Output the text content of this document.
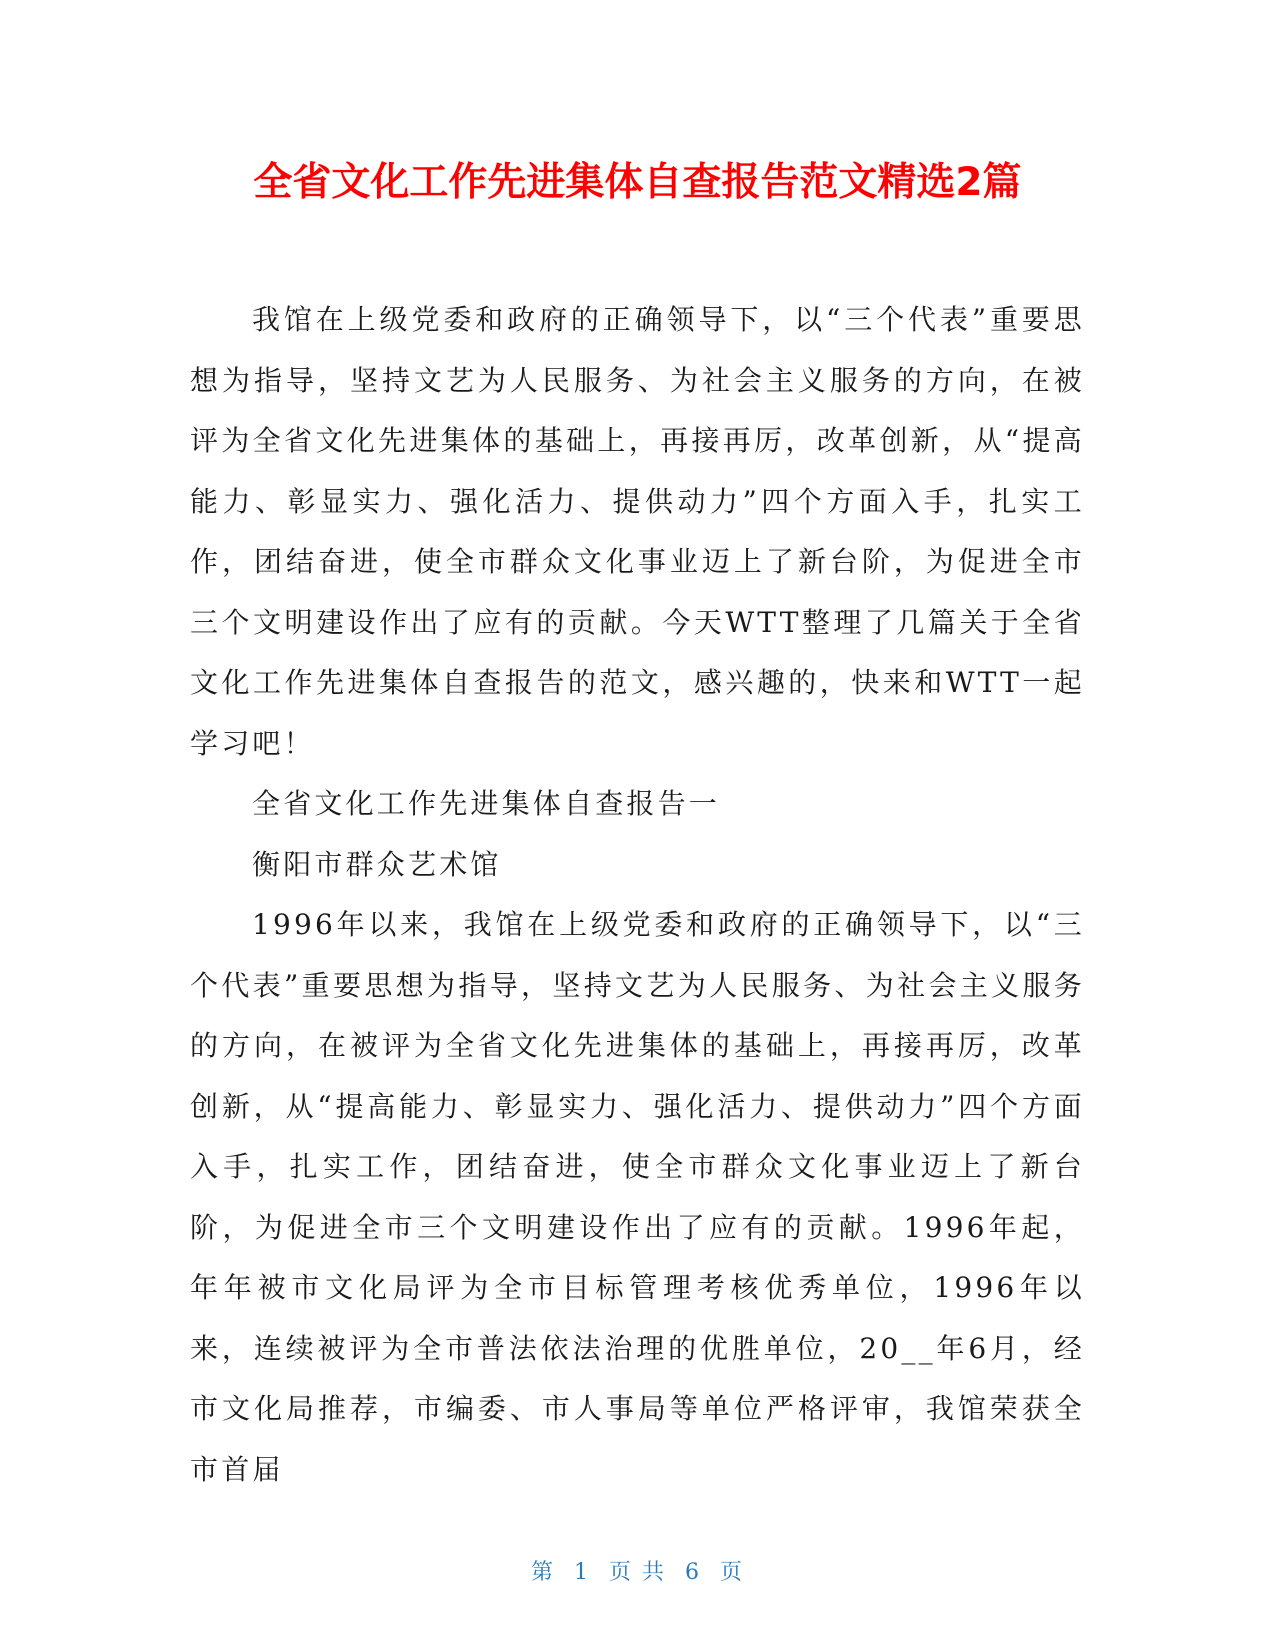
全省文化工作先进集体自查报告范文精选2篇

我馆在上级党委和政府的正确领导下，以“三个代表”重要思想为指导，坚持文艺为人民服务、为社会主义服务的方向，在被评为全省文化先进集体的基础上，再接再厉，改革创新，从“提高能力、彰显实力、强化活力、提供动力”四个方面入手，扎实工作，团结奋进，使全市群众文化事业迈上了新台阶，为促进全市三个文明建设作出了应有的贡献。今天WTT整理了几篇关于全省文化工作先进集体自查报告的范文，感兴趣的，快来和WTT一起学习吧！

全省文化工作先进集体自查报告一

衡阳市群众艺术馆

1996年以来，我馆在上级党委和政府的正确领导下，以“三个代表”重要思想为指导，坚持文艺为人民服务、为社会主义服务的方向，在被评为全省文化先进集体的基础上，再接再厉，改革创新，从“提高能力、彰显实力、强化活力、提供动力”四个方面入手，扎实工作，团结奋进，使全市群众文化事业迈上了新台阶，为促进全市三个文明建设作出了应有的贡献。1996年起，年年被市文化局评为全市目标管理考核优秀单位，1996年以来，连续被评为全市普法依法治理的优胜单位，20__年6月，经市文化局推荐，市编委、市人事局等单位严格评审，我馆荣获全市首届

第 1 页 共 6 页
